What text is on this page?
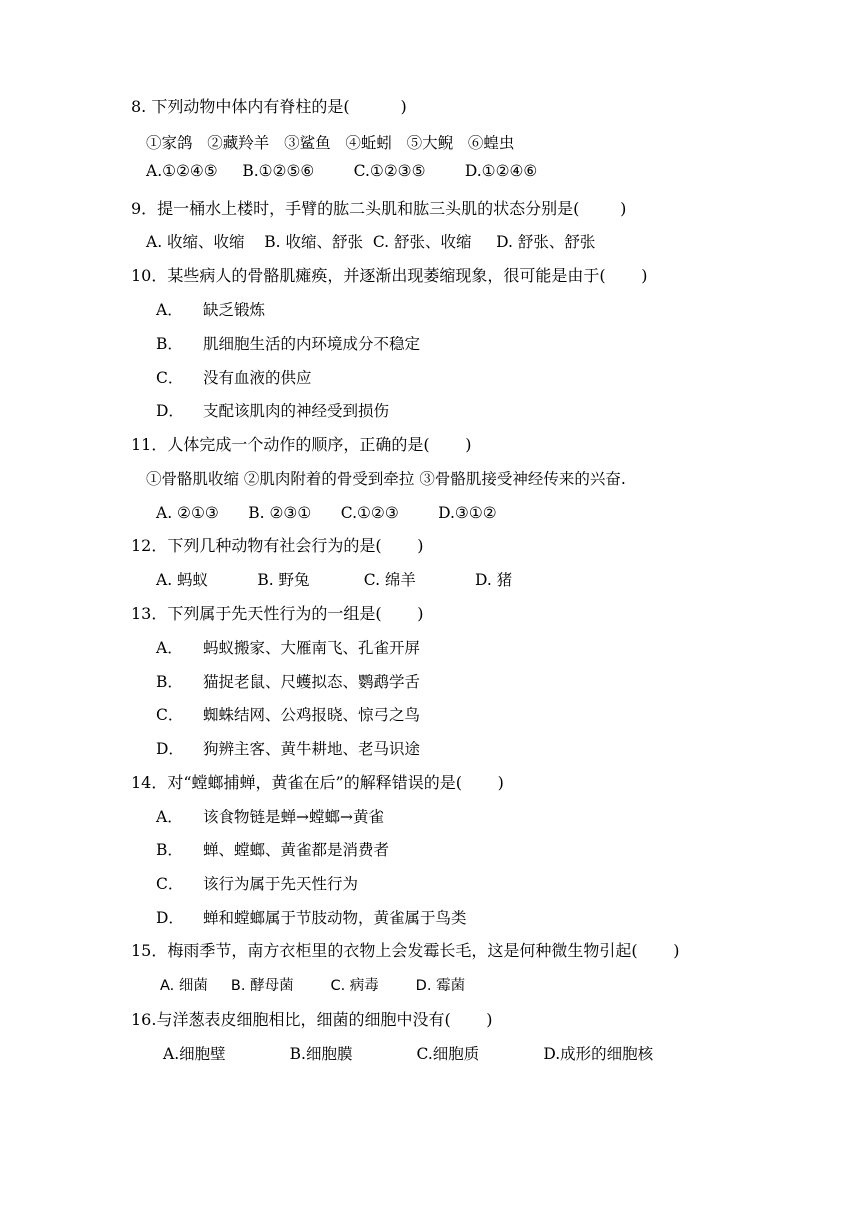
8. 下列动物中体内有脊柱的是(          )
①家鸽   ②藏羚羊   ③鲨鱼   ④蚯蚓   ⑤大鲵   ⑥蝗虫
A.①②④⑤     B.①②⑤⑥        C.①②③⑤        D.①②④⑥
9．提一桶水上楼时，手臂的肱二头肌和肱三头肌的状态分别是(        )
A. 收缩、收缩    B. 收缩、舒张  C. 舒张、收缩     D. 舒张、舒张
10．某些病人的骨骼肌瘫痪，并逐渐出现萎缩现象，很可能是由于(       )
A． 缺乏锻炼
B． 肌细胞生活的内环境成分不稳定
C． 没有血液的供应
D． 支配该肌肉的神经受到损伤
11．人体完成一个动作的顺序，正确的是(       )
①骨骼肌收缩 ②肌肉附着的骨受到牵拉 ③骨骼肌接受神经传来的兴奋.
A. ②①③      B. ②③①      C.①②③        D.③①②
12．下列几种动物有社会行为的是(       )
A. 蚂蚁          B. 野兔           C. 绵羊            D. 猪
13．下列属于先天性行为的一组是(       )
A． 蚂蚁搬家、大雁南飞、孔雀开屏
B． 猫捉老鼠、尺蠖拟态、鹦鹉学舌
C． 蜘蛛结网、公鸡报晓、惊弓之鸟
D． 狗辨主客、黄牛耕地、老马识途
14．对“螳螂捕蝉，黄雀在后”的解释错误的是(       )
A． 该食物链是蝉→螳螂→黄雀
B． 蝉、螳螂、黄雀都是消费者
C． 该行为属于先天性行为
D． 蝉和螳螂属于节肢动物，黄雀属于鸟类
15．梅雨季节，南方衣柜里的衣物上会发霉长毛，这是何种微生物引起(       )
A. 细菌     B. 酵母菌        C. 病毒        D. 霉菌
16.与洋葱表皮细胞相比，细菌的细胞中没有(       )
A.细胞壁             B.细胞膜             C.细胞质             D.成形的细胞核
